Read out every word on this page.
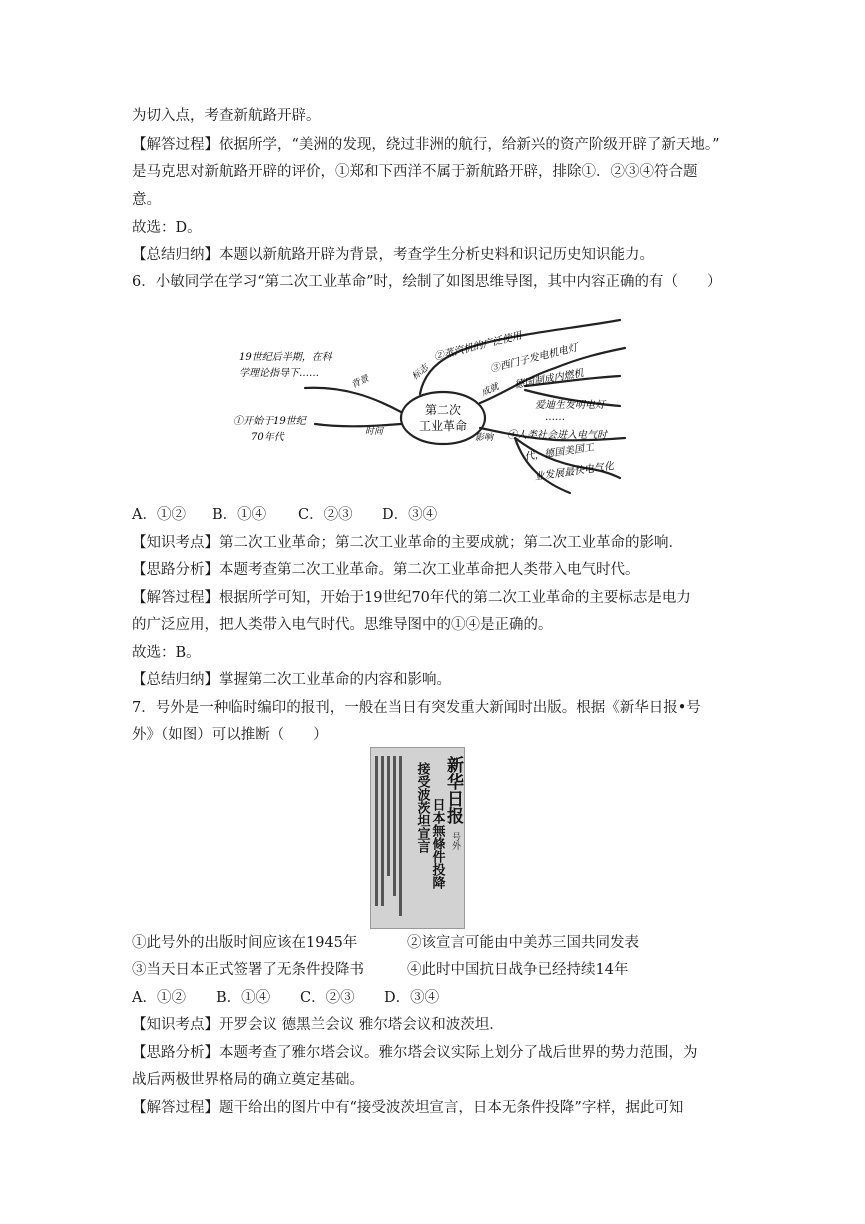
为切入点，考查新航路开辟。
【解答过程】依据所学，“美洲的发现，绕过非洲的航行，给新兴的资产阶级开辟了新天地。”
是马克思对新航路开辟的评价，①郑和下西洋不属于新航路开辟，排除①．②③④符合题
意。
故选：D。
【总结归纳】本题以新航路开辟为背景，考查学生分析史料和识记历史知识能力。
6．小敏同学在学习“第二次工业革命”时，绘制了如图思维导图，其中内容正确的有（　　）
第二次
工业革命
19世纪后半期，在科
学理论指导下……
背景
①开始于19世纪
70年代	时间
标志
②蒸汽机的广泛使用
成就
③西门子发电机电灯
德国制成内燃机
爱迪生发明电灯
……
影响 ④人类社会进入电气时
代，德国美国工
业发展最快电气化
A．①② B．①④ C．②③ D．③④
【知识考点】第二次工业革命；第二次工业革命的主要成就；第二次工业革命的影响．
【思路分析】本题考查第二次工业革命。第二次工业革命把人类带入电气时代。
【解答过程】根据所学可知，开始于19世纪70年代的第二次工业革命的主要标志是电力
的广泛应用，把人类带入电气时代。思维导图中的①④是正确的。
故选：B。
【总结归纳】掌握第二次工业革命的内容和影响。
7．号外是一种临时编印的报刊，一般在当日有突发重大新闻时出版。根据《新华日报•号
外》（如图）可以推断（　　）
接受波茨坦宣言 日本無條件投降
新华日报
号外
①此号外的出版时间应该在1945年	②该宣言可能由中美苏三国共同发表
③当天日本正式签署了无条件投降书	④此时中国抗日战争已经持续14年
A．①② B．①④ C．②③ D．③④
【知识考点】开罗会议 德黑兰会议 雅尔塔会议和波茨坦．
【思路分析】本题考查了雅尔塔会议。雅尔塔会议实际上划分了战后世界的势力范围，为
战后两极世界格局的确立奠定基础。
【解答过程】题干给出的图片中有“接受波茨坦宣言，日本无条件投降”字样，据此可知
